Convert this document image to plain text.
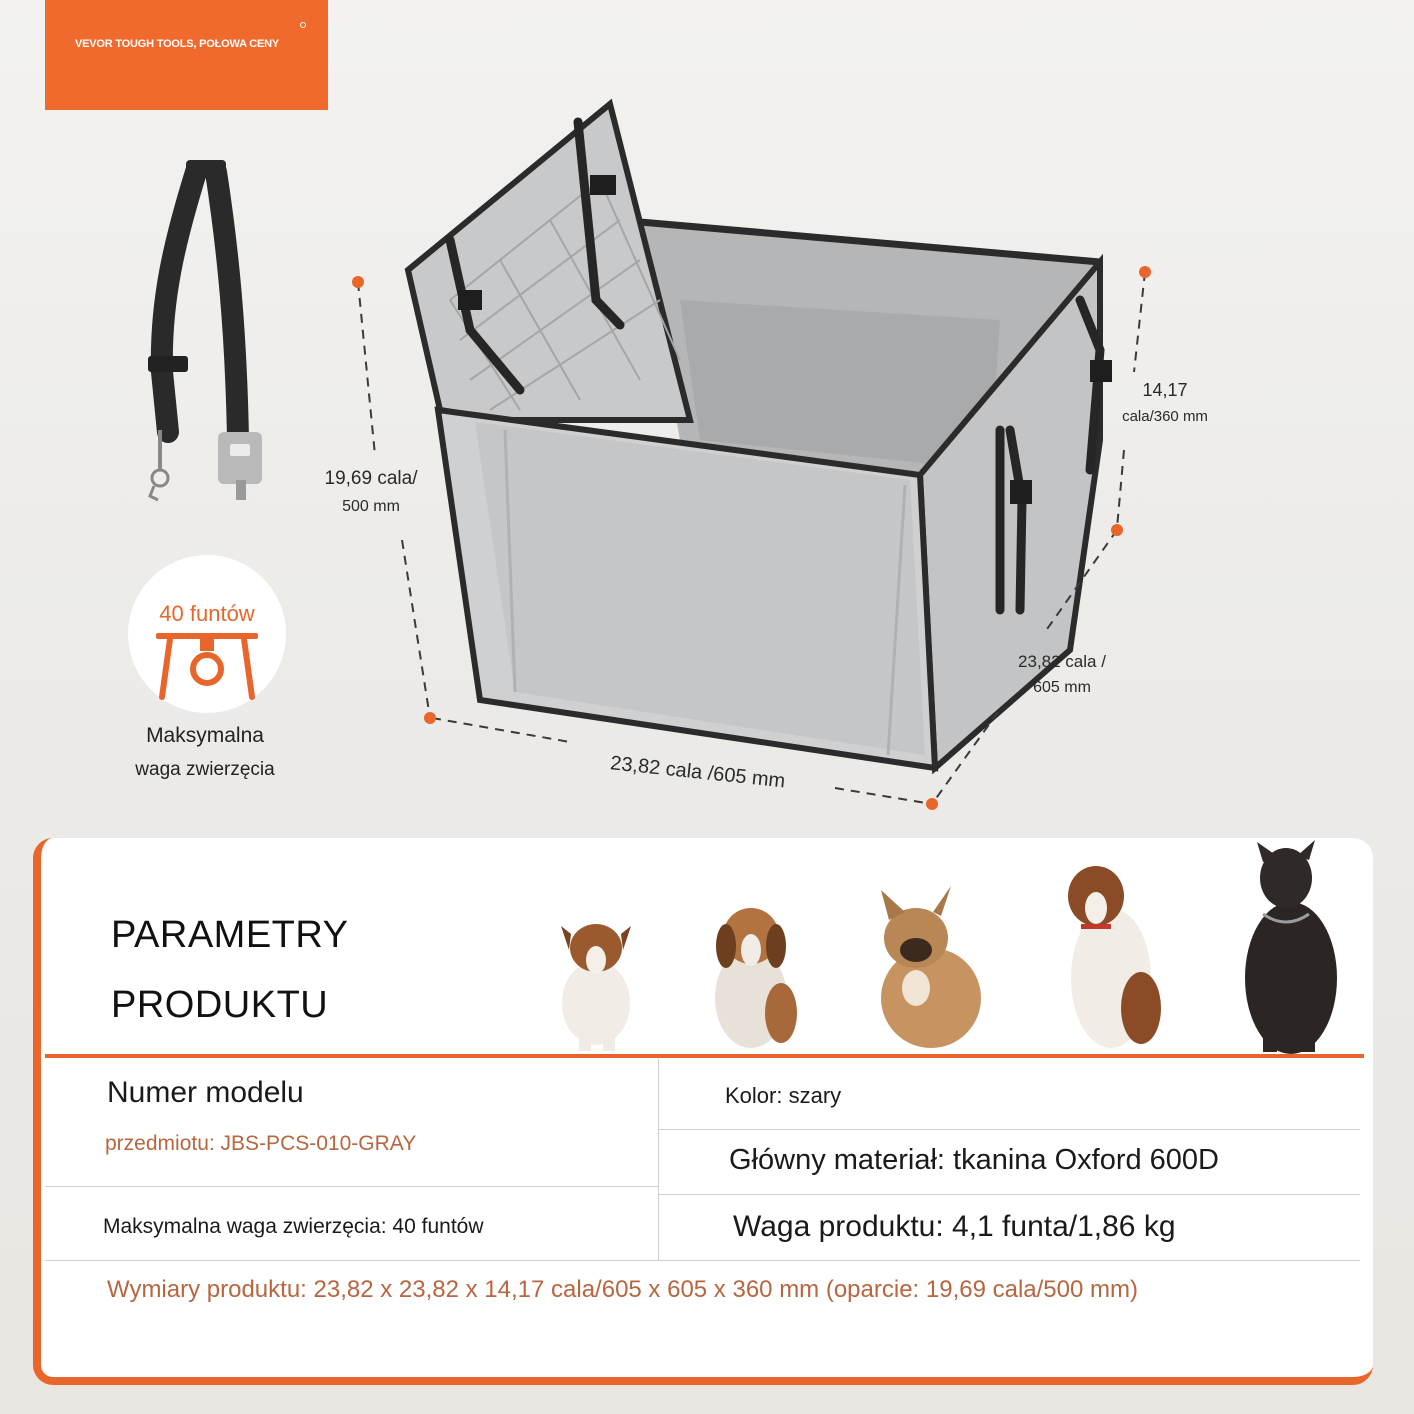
VEVOR TOUGH TOOLS, POŁOWA CENY
19,69 cala/
500 mm
14,17
cala/360 mm
23,82 cala /
605 mm
23,82 cala /605 mm
40 funtów
Maksymalna
waga zwierzęcia
PARAMETRY
PRODUKTU
Numer modelu
przedmiotu: JBS-PCS-010-GRAY
Kolor: szary
Główny materiał: tkanina Oxford 600D
Maksymalna waga zwierzęcia: 40 funtów	Waga produktu: 4,1 funta/1,86 kg
Wymiary produktu: 23,82 x 23,82 x 14,17 cala/605 x 605 x 360 mm (oparcie: 19,69 cala/500 mm)
